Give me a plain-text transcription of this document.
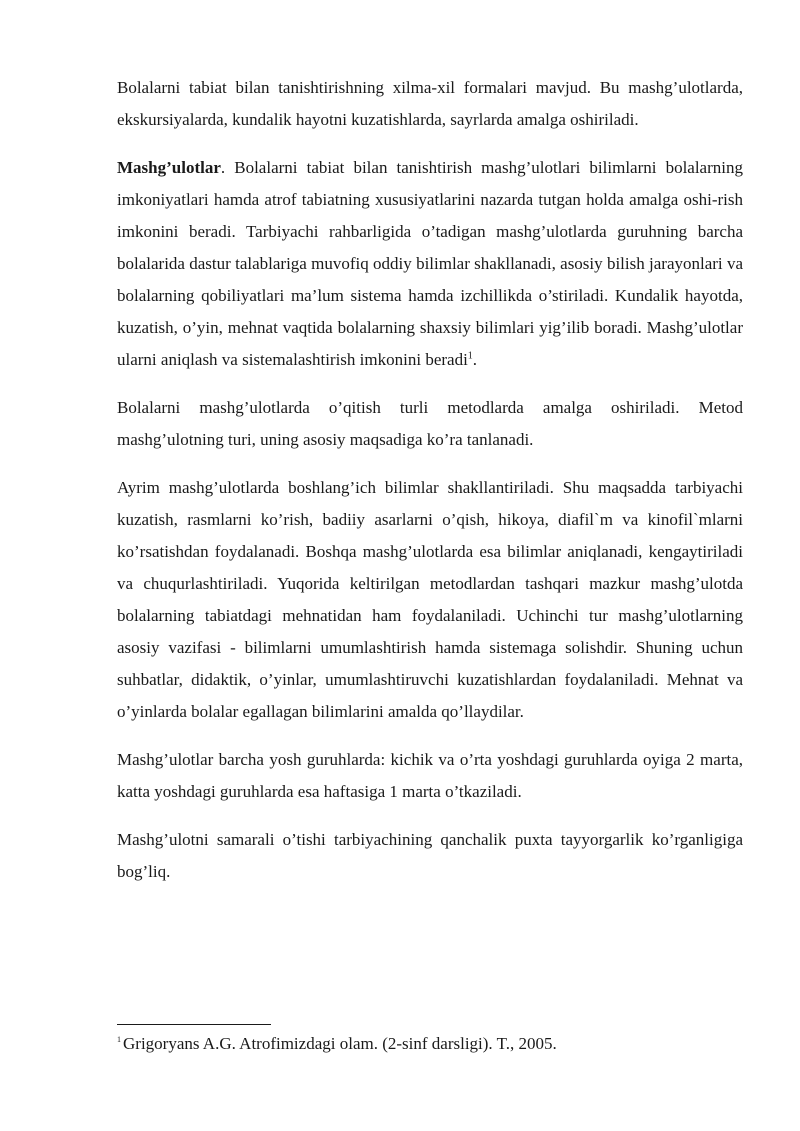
Bolalarni tabiat bilan tanishtirishning xilma-xil formalari mavjud. Bu mashg’ulotlarda, ekskursiyalarda, kundalik hayotni kuzatishlarda, sayrlarda amalga oshiriladi.

Mashg’ulotlar. Bolalarni tabiat bilan tanishtirish mashg’ulotlari bilimlarni bolalarning imkoniyatlari hamda atrof tabiatning xususiyatlarini nazarda tutgan holda amalga oshi-rish imkonini beradi. Tarbiyachi rahbarligida o’tadigan mashg’ulotlarda guruhning barcha bolalarida dastur talablariga muvofiq oddiy bilimlar shakllanadi, asosiy bilish jarayonlari va bolalarning qobiliyatlari ma’lum sistema hamda izchillikda o’stiriladi. Kundalik hayotda, kuzatish, o’yin, mehnat vaqtida bolalarning shaxsiy bilimlari yig’ilib boradi. Mashg’ulotlar ularni aniqlash va sistemalashtirish imkonini beradi$^1$.

Bolalarni mashg’ulotlarda o’qitish turli metodlarda amalga oshiriladi. Metod mashg’ulotning turi, uning asosiy maqsadiga ko’ra tanlanadi.

Ayrim mashg’ulotlarda boshlang’ich bilimlar shakllantiriladi. Shu maqsadda tarbiyachi kuzatish, rasmlarni ko’rish, badiiy asarlarni o’qish, hikoya, diafil`m va kinofil`mlarni ko’rsatishdan foydalanadi. Boshqa mashg’ulotlarda esa bilimlar aniqlanadi, kengaytiriladi va chuqurlashtiriladi. Yuqorida keltirilgan metodlardan tashqari mazkur mashg’ulotda bolalarning tabiatdagi mehnatidan ham foydalaniladi. Uchinchi tur mashg’ulotlarning asosiy vazifasi - bilimlarni umumlashtirish hamda sistemaga solishdir. Shuning uchun suhbatlar, didaktik, o’yinlar, umumlashtiruvchi kuzatishlardan foydalaniladi. Mehnat va o’yinlarda bolalar egallagan bilimlarini amalda qo’llaydilar.

Mashg’ulotlar barcha yosh guruhlarda: kichik va o’rta yoshdagi guruhlarda oyiga 2 marta, katta yoshdagi guruhlarda esa haftasiga 1 marta o’tkaziladi.

Mashg’ulotni samarali o’tishi tarbiyachining qanchalik puxta tayyorgarlik ko’rganligiga bog’liq.

$^1$ Grigoryans A.G. Atrofimizdagi olam. (2-sinf darsligi). T., 2005.
